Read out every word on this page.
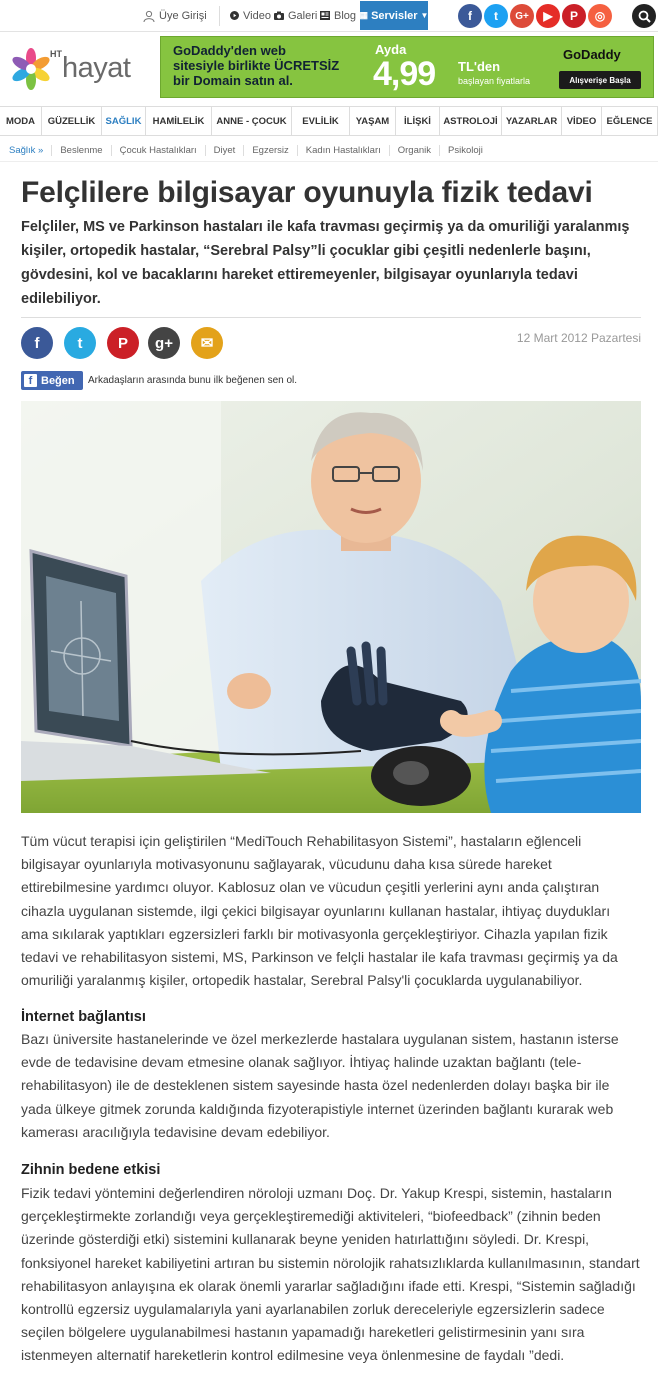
Üye Girişi	Video Galeri Blog ▦ Servisler ▼	f t G+ ▶ P ◎
HT hayat
GoDaddy'den web
sitesiyle birlikte ÜCRETSİZ
bir Domain satın al.
Ayda
4,99 TL'den
başlayan fiyatlarla
GoDaddy
Alışverişe Başla
MODA	GÜZELLİK	SAĞLIK	HAMİLELİK	ANNE - ÇOCUK	EVLİLİK	YAŞAM	İLİŞKİ	ASTROLOJİ YAZARLAR	VİDEO	EĞLENCE
Sağlık »	Beslenme	Çocuk Hastalıkları	Diyet	Egzersiz	Kadın Hastalıkları	Organik	Psikoloji
Felçlilere bilgisayar oyunuyla fizik tedavi

Felçliler, MS ve Parkinson hastaları ile kafa travması geçirmiş ya da omuriliği yaralanmış kişiler, ortopedik hastalar, “Serebral Palsy”li çocuklar gibi çeşitli nedenlerle başını, gövdesini, kol ve bacaklarını hareket ettiremeyenler, bilgisayar oyunlarıyla tedavi edilebiliyor.

f	t P g+ ✉	12 Mart 2012 Pazartesi
f Beğen Arkadaşların arasında bunu ilk beğenen sen ol.

Tüm vücut terapisi için geliştirilen “MediTouch Rehabilitasyon Sistemi”, hastaların eğlenceli bilgisayar oyunlarıyla motivasyonunu sağlayarak, vücudunu daha kısa sürede hareket ettirebilmesine yardımcı oluyor. Kablosuz olan ve vücudun çeşitli yerlerini aynı anda çalıştıran cihazla uygulanan sistemde, ilgi çekici bilgisayar oyunlarını kullanan hastalar, ihtiyaç duydukları ama sıkılarak yaptıkları egzersizleri farklı bir motivasyonla gerçekleştiriyor. Cihazla yapılan fizik tedavi ve rehabilitasyon sistemi, MS, Parkinson ve felçli hastalar ile kafa travması geçirmiş ya da omuriliği yaralanmış kişiler, ortopedik hastalar, Serebral Palsy'li çocuklarda uygulanabiliyor.

İnternet bağlantısı

Bazı üniversite hastanelerinde ve özel merkezlerde hastalara uygulanan sistem, hastanın isterse evde de tedavisine devam etmesine olanak sağlıyor. İhtiyaç halinde uzaktan bağlantı (tele-rehabilitasyon) ile de desteklenen sistem sayesinde hasta özel nedenlerden dolayı başka bir ile yada ülkeye gitmek zorunda kaldığında fizyoterapistiyle internet üzerinden bağlantı kurarak web kamerası aracılığıyla tedavisine devam edebiliyor.

Zihnin bedene etkisi

Fizik tedavi yöntemini değerlendiren nöroloji uzmanı Doç. Dr. Yakup Krespi, sistemin, hastaların gerçekleştirmekte zorlandığı veya gerçekleştiremediği aktiviteleri, “biofeedback” (zihnin beden üzerinde gösterdiği etki) sistemini kullanarak beyne yeniden hatırlattığını söyledi. Dr. Krespi, fonksiyonel hareket kabiliyetini artıran bu sistemin nörolojik rahatsızlıklarda kullanılmasının, standart rehabilitasyon anlayışına ek olarak önemli yararlar sağladığını ifade etti. Krespi, “Sistemin sağladığı kontrollü egzersiz uygulamalarıyla yani ayarlanabilen zorluk dereceleriyle egzersizlerin sadece seçilen bölgelere uygulanabilmesi hastanın yapamadığı hareketleri gelistirmesinin yanı sıra istenmeyen alternatif hareketlerin kontrol edilmesine veya önlenmesine de faydalı ”dedi.
